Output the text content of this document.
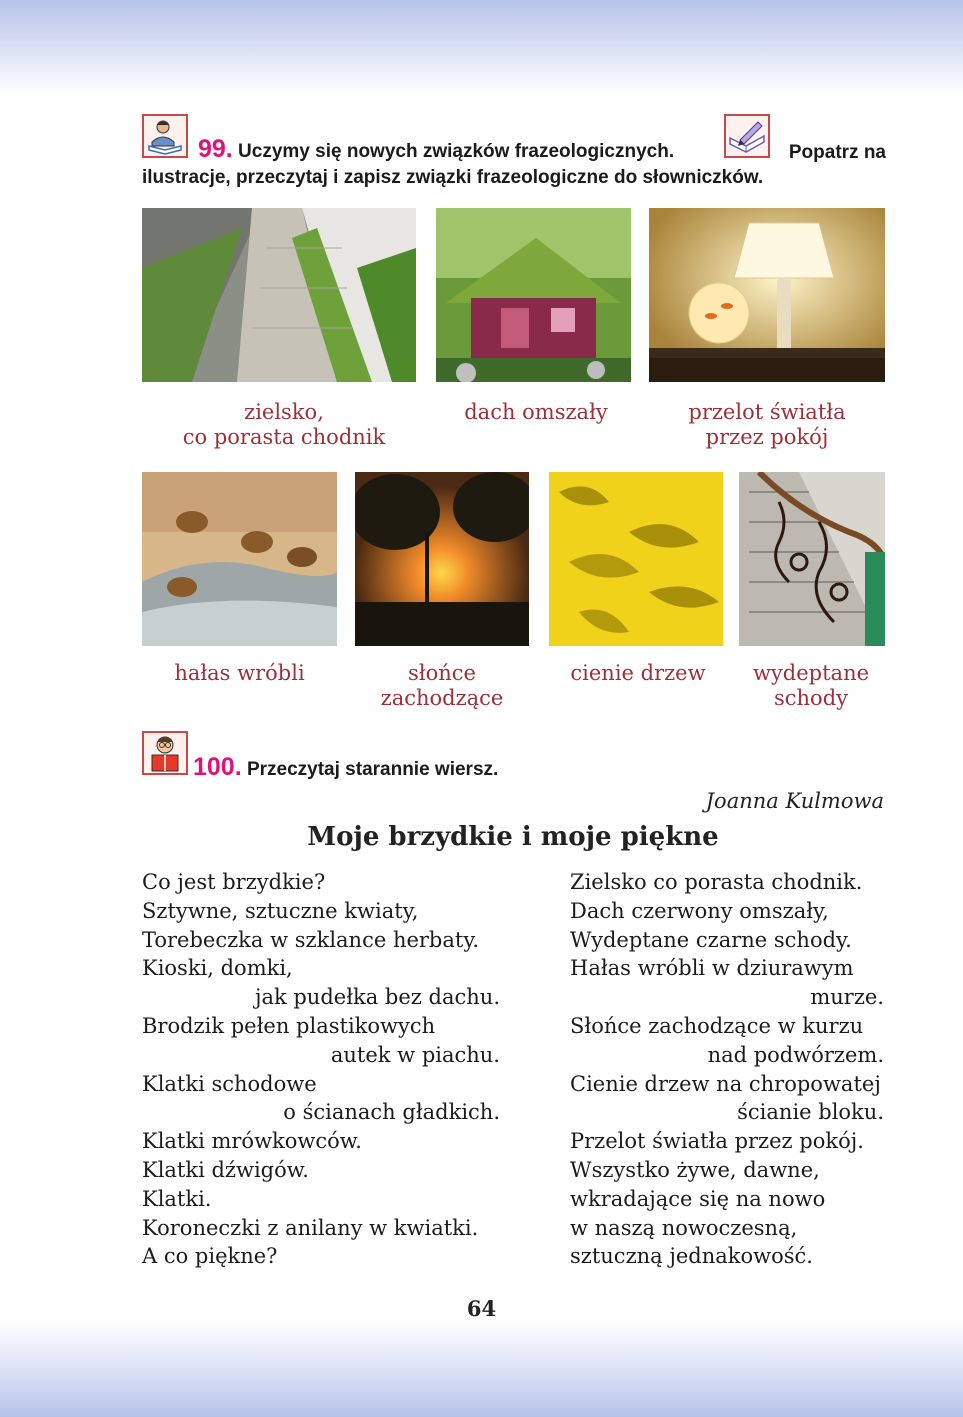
99. Uczymy się nowych związków frazeologicznych.	Popatrz na
ilustracje, przeczytaj i zapisz związki frazeologiczne do słowniczków.
zielsko,
co porasta chodnik
dach omszały	przelot światła
przez pokój
hałas wróbli	słońce
zachodzące
cienie drzew	wydeptane
schody
100. Przeczytaj starannie wiersz.
Joanna Kulmowa
Moje brzydkie i moje piękne
Co jest brzydkie?
Sztywne, sztuczne kwiaty,
Torebeczka w szklance herbaty.
Kioski, domki,
jak pudełka bez dachu.
Brodzik pełen plastikowych
autek w piachu.
Klatki schodowe
o ścianach gładkich.
Klatki mrówkowców.
Klatki dźwigów.
Klatki.
Koroneczki z anilany w kwiatki.
A co piękne?
Zielsko co porasta chodnik.
Dach czerwony omszały,
Wydeptane czarne schody.
Hałas wróbli w dziurawym
murze.
Słońce zachodzące w kurzu
nad podwórzem.
Cienie drzew na chropowatej
ścianie bloku.
Przelot światła przez pokój.
Wszystko żywe, dawne,
wkradające się na nowo
w naszą nowoczesną,
sztuczną jednakowość.
64
